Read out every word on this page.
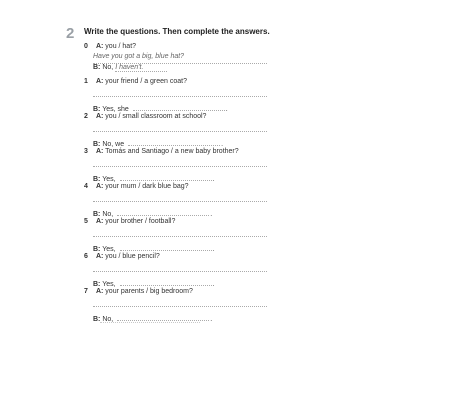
2 Write the questions. Then complete the answers.
0 A: you / hat?
Have you got a big, blue hat?
B: No, I haven't.
1 A: your friend / a green coat?
B: Yes, she	.
2 A: you / small classroom at school?
B: No, we	.
3 A: Tomás and Santiago / a new baby brother?
B: Yes,	.
4 A: your mum / dark blue bag?
B: No,	.
5 A: your brother / football?
B: Yes,	.
6 A: you / blue pencil?
B: Yes,	.
7 A: your parents / big bedroom?
B: No,	.
